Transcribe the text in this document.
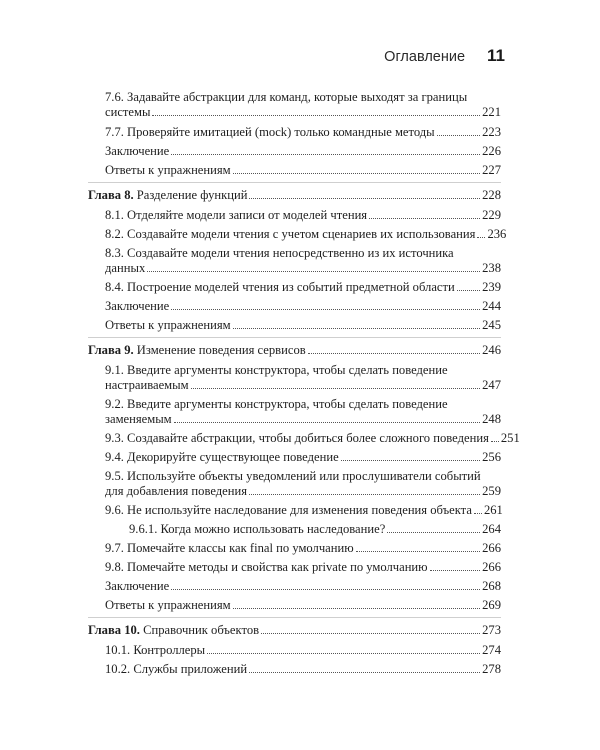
Оглавление 11
7.6. Задавайте абстракции для команд, которые выходят за границы
системы	221
7.7. Проверяйте имитацией (mock) только командные методы	223
Заключение	226
Ответы к упражнениям	227
Глава 8. Разделение функций	228
8.1. Отделяйте модели записи от моделей чтения	229
8.2. Создавайте модели чтения с учетом сценариев их использования 236
8.3. Создавайте модели чтения непосредственно из их источника
данных	238
8.4. Построение моделей чтения из событий предметной области 239
Заключение	244
Ответы к упражнениям	245
Глава 9. Изменение поведения сервисов	246
9.1. Введите аргументы конструктора, чтобы сделать поведение
настраиваемым	247
9.2. Введите аргументы конструктора, чтобы сделать поведение
заменяемым	248
9.3. Создавайте абстракции, чтобы добиться более сложного поведения 251
9.4. Декорируйте существующее поведение	256
9.5. Используйте объекты уведомлений или прослушиватели событий
для добавления поведения	259
9.6. Не используйте наследование для изменения поведения объекта 261
9.6.1. Когда можно использовать наследование?	264
9.7. Помечайте классы как final по умолчанию	266
9.8. Помечайте методы и свойства как private по умолчанию	266
Заключение	268
Ответы к упражнениям	269
Глава 10. Справочник объектов	273
10.1. Контроллеры	274
10.2. Службы приложений	278
